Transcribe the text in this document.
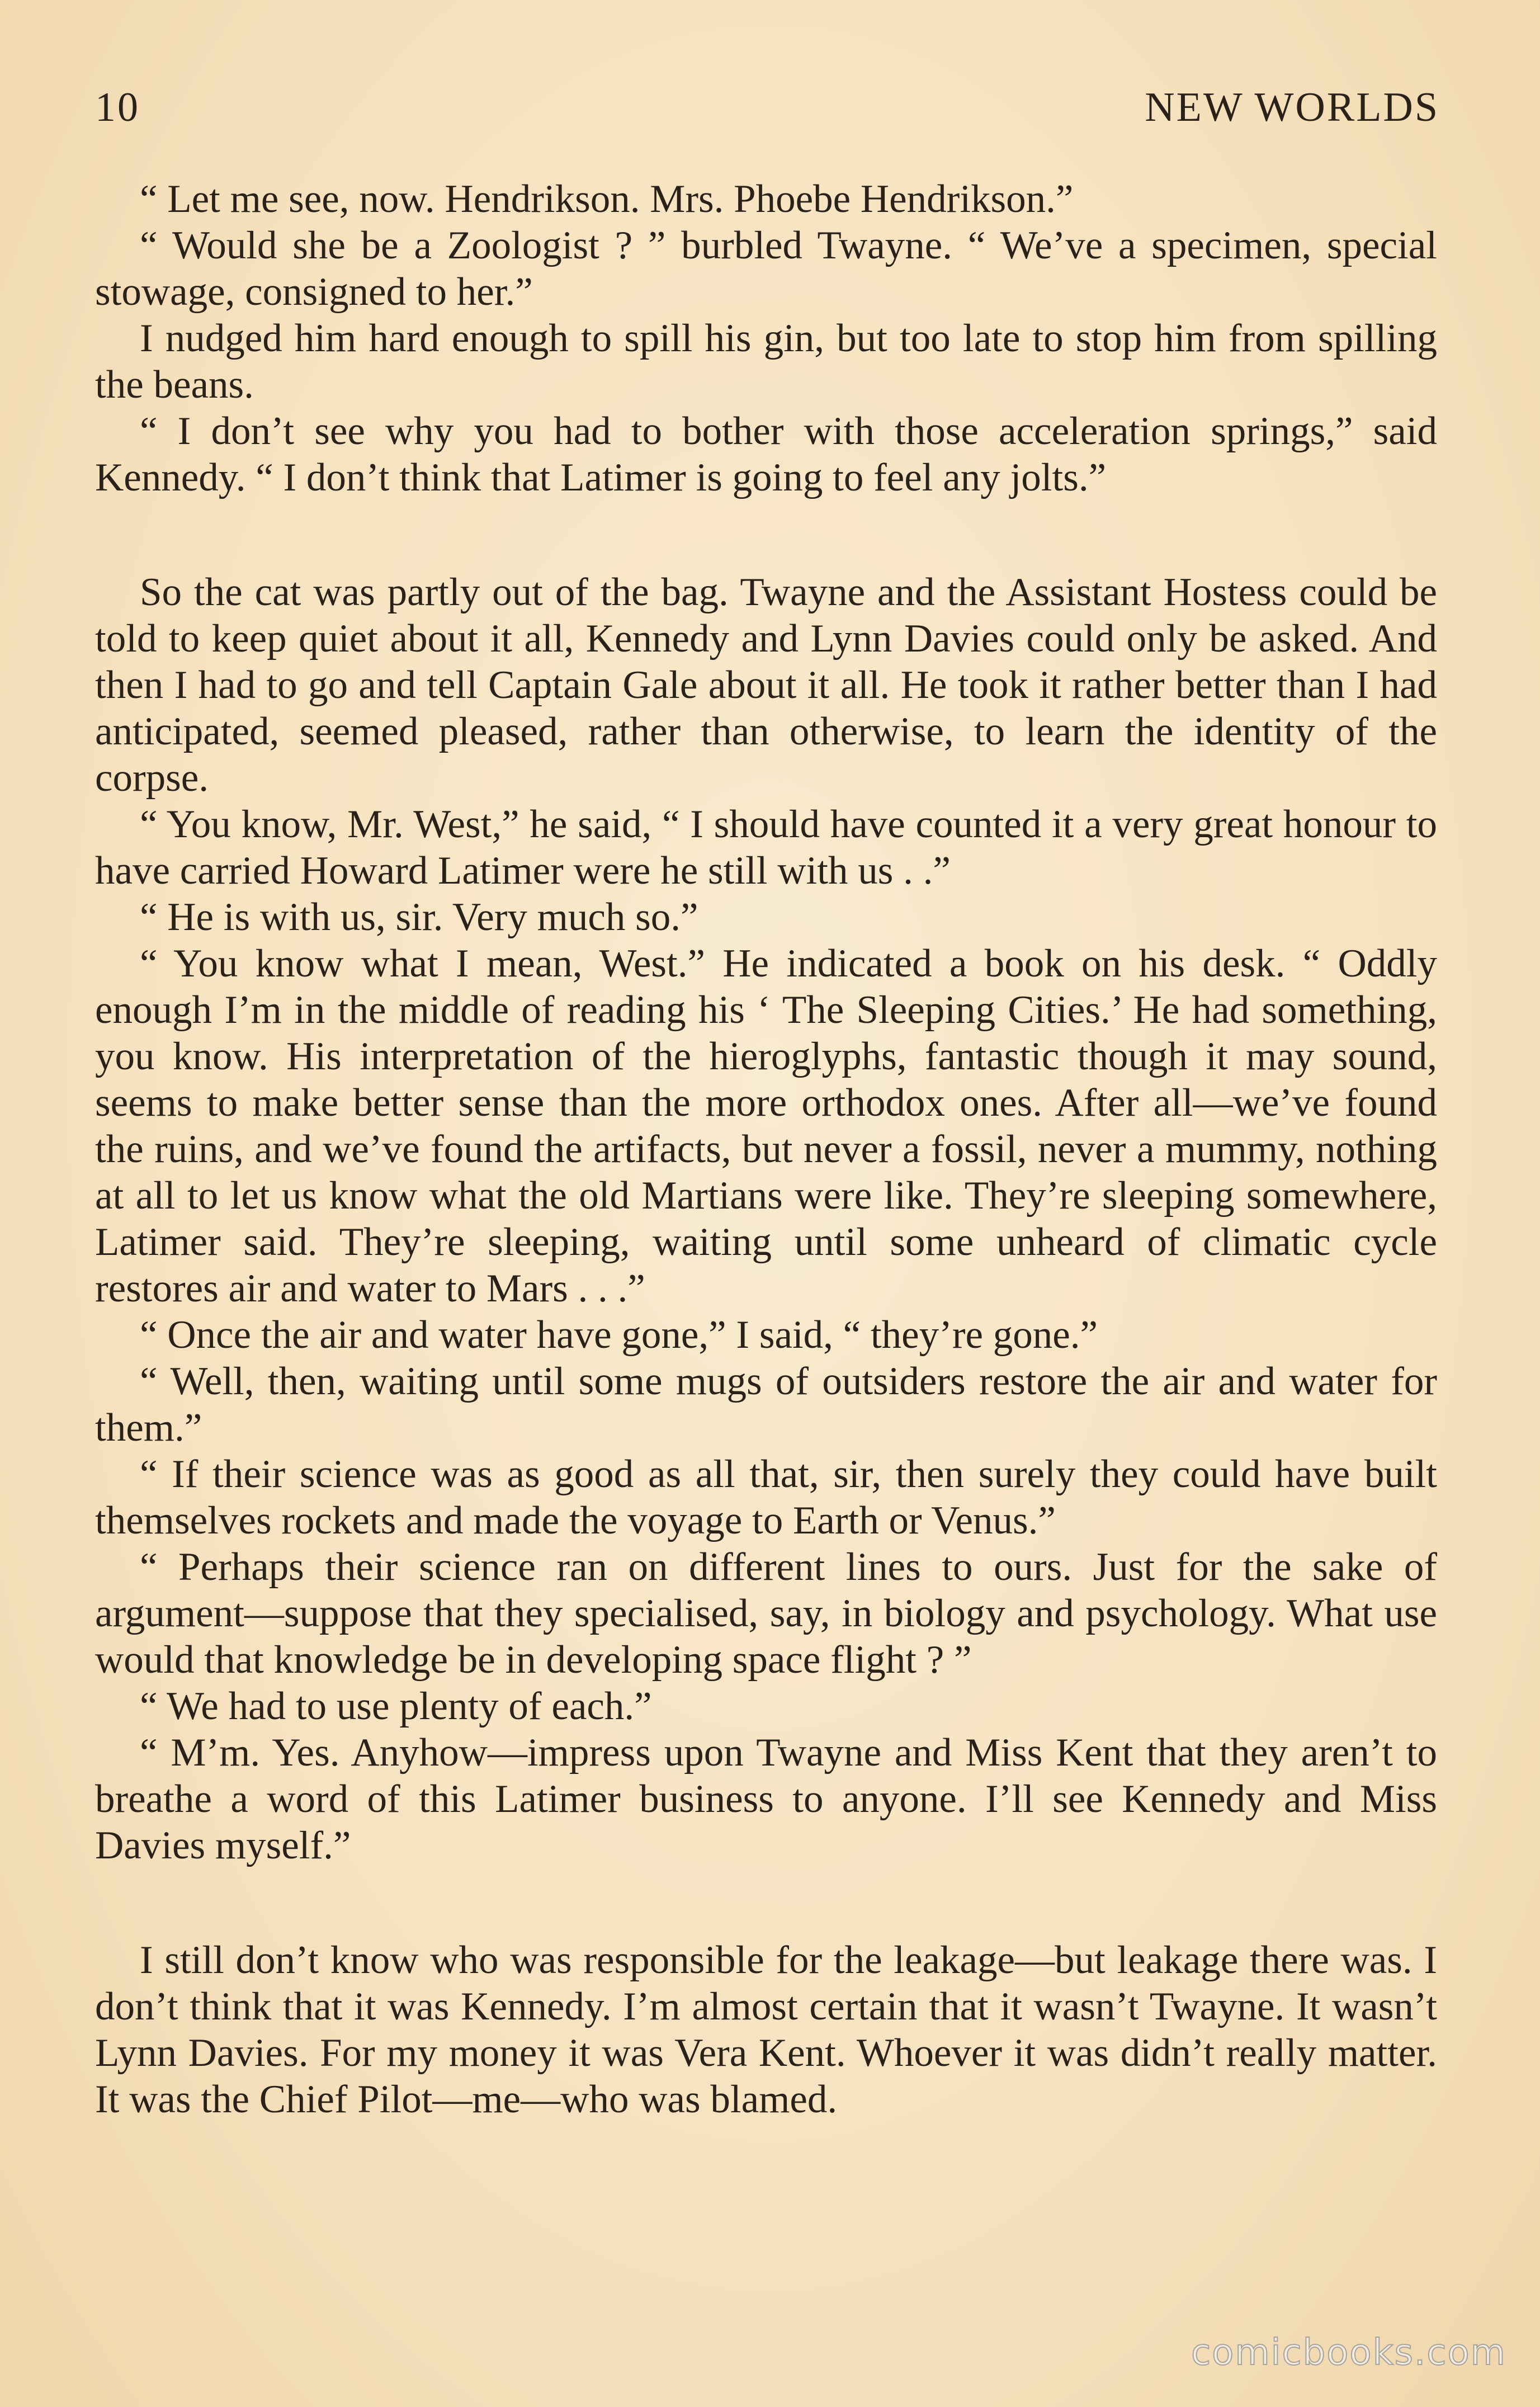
10	NEW WORLDS

“ Let me see, now. Hendrikson. Mrs. Phoebe Hendrikson.”

“ Would she be a Zoologist ? ” burbled Twayne. “ We’ve a specimen, special stowage, consigned to her.”

I nudged him hard enough to spill his gin, but too late to stop him from spilling the beans.

“ I don’t see why you had to bother with those acceleration springs,” said Kennedy. “ I don’t think that Latimer is going to feel any jolts.”

So the cat was partly out of the bag. Twayne and the Assistant Hostess could be told to keep quiet about it all, Kennedy and Lynn Davies could only be asked. And then I had to go and tell Captain Gale about it all. He took it rather better than I had anticipated, seemed pleased, rather than otherwise, to learn the identity of the corpse.

“ You know, Mr. West,” he said, “ I should have counted it a very great honour to have carried Howard Latimer were he still with us . .”

“ He is with us, sir. Very much so.”

“ You know what I mean, West.” He indicated a book on his desk. “ Oddly enough I’m in the middle of reading his ‘ The Sleeping Cities.’ He had something, you know. His interpretation of the hieroglyphs, fantastic though it may sound, seems to make better sense than the more orthodox ones. After all—we’ve found the ruins, and we’ve found the artifacts, but never a fossil, never a mummy, nothing at all to let us know what the old Martians were like. They’re sleeping somewhere, Latimer said. They’re sleeping, waiting until some unheard of climatic cycle restores air and water to Mars . . .”

“ Once the air and water have gone,” I said, “ they’re gone.”

“ Well, then, waiting until some mugs of outsiders restore the air and water for them.”

“ If their science was as good as all that, sir, then surely they could have built themselves rockets and made the voyage to Earth or Venus.”

“ Perhaps their science ran on different lines to ours. Just for the sake of argument—suppose that they specialised, say, in biology and psychology. What use would that knowledge be in developing space flight ? ”

“ We had to use plenty of each.”

“ M’m. Yes. Anyhow—impress upon Twayne and Miss Kent that they aren’t to breathe a word of this Latimer business to anyone. I’ll see Kennedy and Miss Davies myself.”

I still don’t know who was responsible for the leakage—but leakage there was. I don’t think that it was Kennedy. I’m almost certain that it wasn’t Twayne. It wasn’t Lynn Davies. For my money it was Vera Kent. Whoever it was didn’t really matter. It was the Chief Pilot—me—who was blamed.

comicbooks.com
